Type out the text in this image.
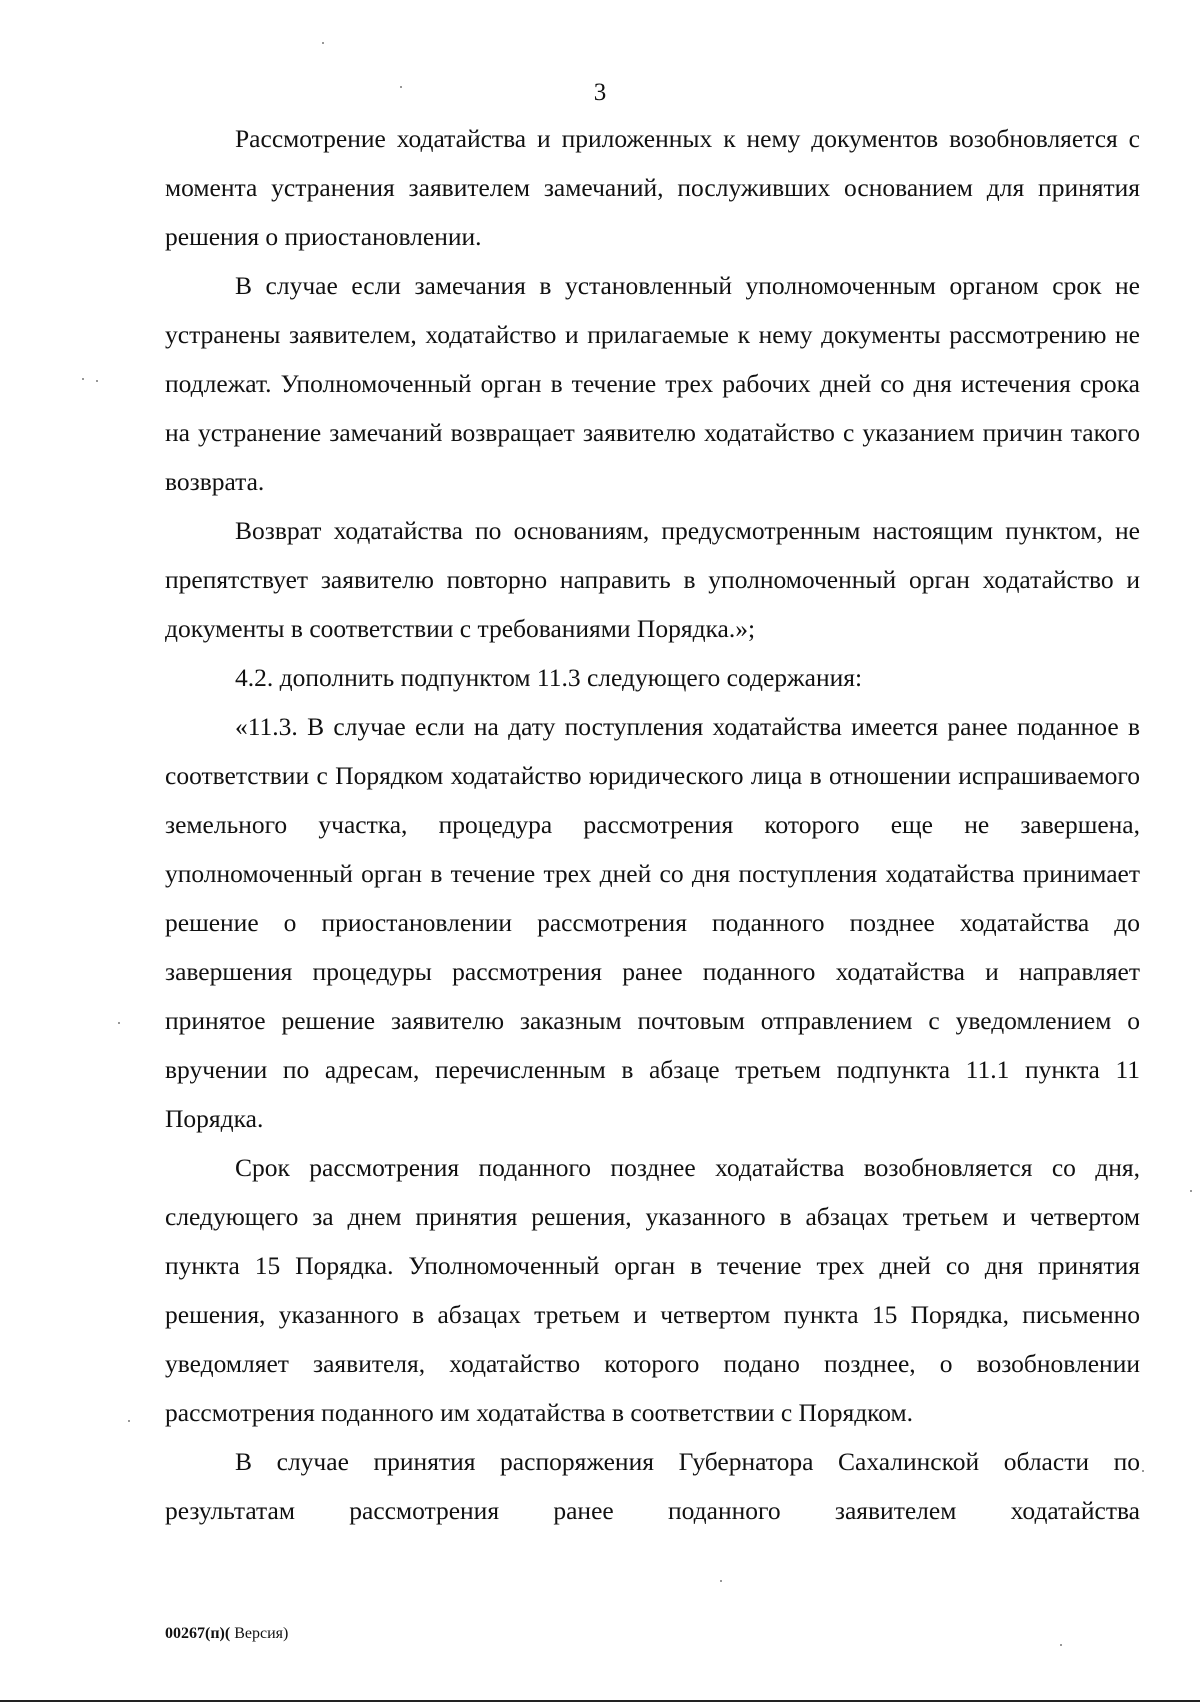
3

Рассмотрение ходатайства и приложенных к нему документов возобновляется с момента устранения заявителем замечаний, послуживших основанием для принятия решения о приостановлении.

В случае если замечания в установленный уполномоченным органом срок не устранены заявителем, ходатайство и прилагаемые к нему документы рассмотрению не подлежат. Уполномоченный орган в течение трех рабочих дней со дня истечения срока на устранение замечаний возвращает заявителю ходатайство с указанием причин такого возврата.

Возврат ходатайства по основаниям, предусмотренным настоящим пунктом, не препятствует заявителю повторно направить в уполномоченный орган ходатайство и документы в соответствии с требованиями Порядка.»;

4.2. дополнить подпунктом 11.3 следующего содержания:

«11.3. В случае если на дату поступления ходатайства имеется ранее поданное в соответствии с Порядком ходатайство юридического лица в отношении испрашиваемого земельного участка, процедура рассмотрения которого еще не завершена, уполномоченный орган в течение трех дней со дня поступления ходатайства принимает решение о приостановлении рассмотрения поданного позднее ходатайства до завершения процедуры рассмотрения ранее поданного ходатайства и направляет принятое решение заявителю заказным почтовым отправлением с уведомлением о вручении по адресам, перечисленным в абзаце третьем подпункта 11.1 пункта 11 Порядка.

Срок рассмотрения поданного позднее ходатайства возобновляется со дня, следующего за днем принятия решения, указанного в абзацах третьем и четвертом пункта 15 Порядка. Уполномоченный орган в течение трех дней со дня принятия решения, указанного в абзацах третьем и четвертом пункта 15 Порядка, письменно уведомляет заявителя, ходатайство которого подано позднее, о возобновлении рассмотрения поданного им ходатайства в соответствии с Порядком.

В случае принятия распоряжения Губернатора Сахалинской области по результатам рассмотрения ранее поданного заявителем ходатайства

00267(п)( Версия)
